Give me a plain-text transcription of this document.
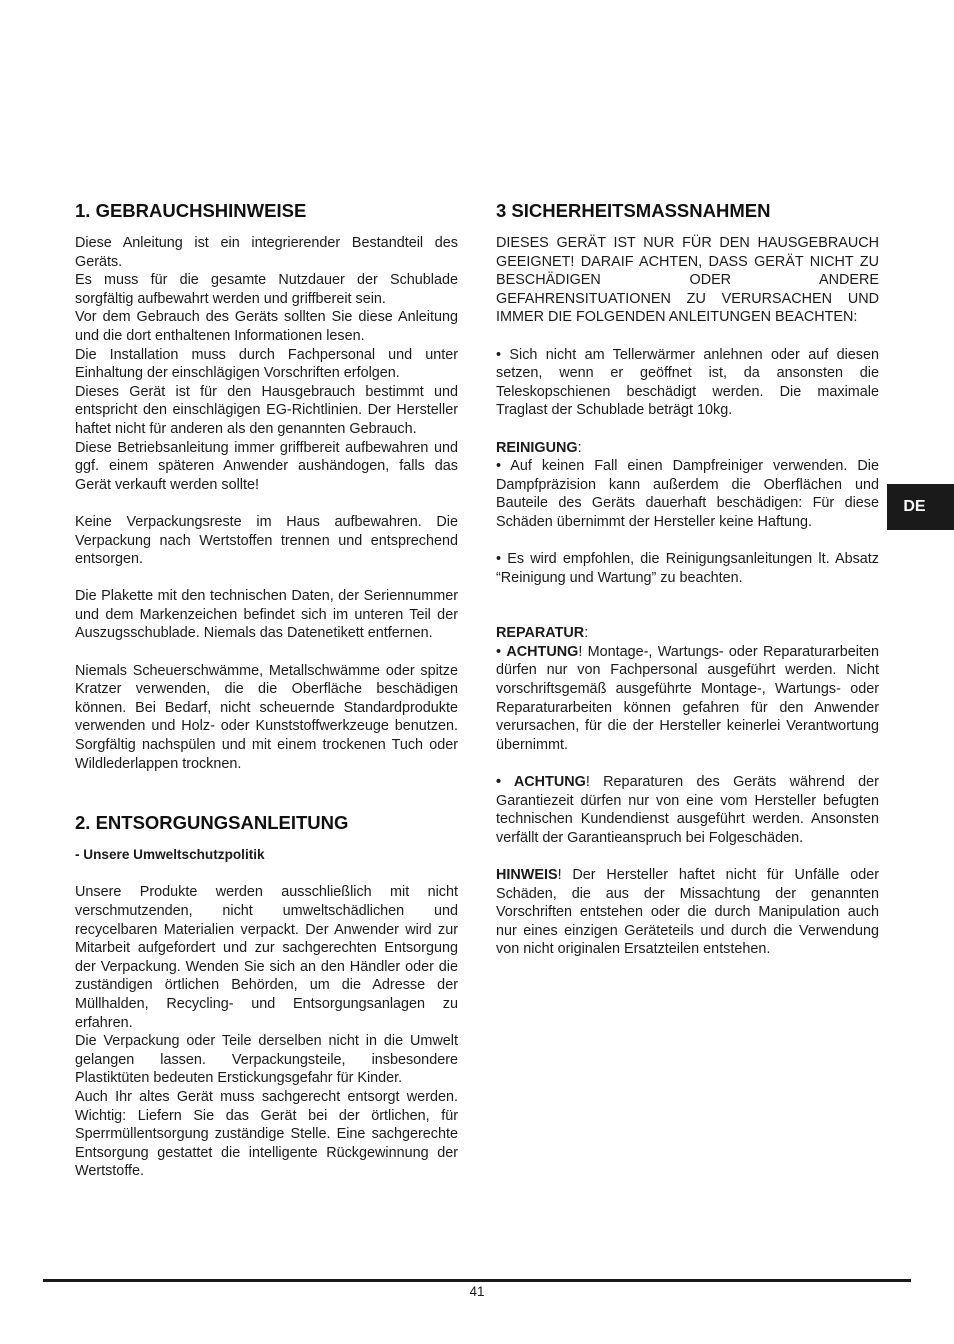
1. GEBRAUCHSHINWEISE

Diese Anleitung ist ein integrierender Bestandteil des Geräts.

Es muss für die gesamte Nutzdauer der Schublade sorgfältig aufbewahrt werden und griffbereit sein.

Vor dem Gebrauch des Geräts sollten Sie diese Anleitung und die dort enthaltenen Informationen lesen.

Die Installation muss durch Fachpersonal und unter Einhaltung der einschlägigen Vorschriften erfolgen.

Dieses Gerät ist für den Hausgebrauch bestimmt und entspricht den einschlägigen EG-Richtlinien. Der Hersteller haftet nicht für anderen als den genannten Gebrauch.

Diese Betriebsanleitung immer griffbereit aufbewahren und ggf. einem späteren Anwender aushändogen, falls das Gerät verkauft werden sollte!

Keine Verpackungsreste im Haus aufbewahren. Die Verpackung nach Wertstoffen trennen und entsprechend entsorgen.

Die Plakette mit den technischen Daten, der Seriennummer und dem Markenzeichen befindet sich im unteren Teil der Auszugsschublade. Niemals das Datenetikett entfernen.

Niemals Scheuerschwämme, Metallschwämme oder spitze Kratzer verwenden, die die Oberfläche beschädigen können. Bei Bedarf, nicht scheuernde Standardprodukte verwenden und Holz- oder Kunststoffwerkzeuge benutzen. Sorgfältig nachspülen und mit einem trockenen Tuch oder Wildlederlappen trocknen.

2. ENTSORGUNGSANLEITUNG

- Unsere Umweltschutzpolitik

Unsere Produkte werden ausschließlich mit nicht verschmutzenden, nicht umweltschädlichen und recycelbaren Materialien verpackt. Der Anwender wird zur Mitarbeit aufgefordert und zur sachgerechten Entsorgung der Verpackung. Wenden Sie sich an den Händler oder die zuständigen örtlichen Behörden, um die Adresse der Müllhalden, Recycling- und Entsorgungsanlagen zu erfahren.

Die Verpackung oder Teile derselben nicht in die Umwelt gelangen lassen. Verpackungsteile, insbesondere Plastiktüten bedeuten Erstickungsgefahr für Kinder.

Auch Ihr altes Gerät muss sachgerecht entsorgt werden. Wichtig: Liefern Sie das Gerät bei der örtlichen, für Sperrmüllentsorgung zuständige Stelle. Eine sachgerechte Entsorgung gestattet die intelligente Rückgewinnung der Wertstoffe.

3 SICHERHEITSMASSNAHMEN

DIESES GERÄT IST NUR FÜR DEN HAUSGEBRAUCH GEEIGNET! DARAIF ACHTEN, DASS GERÄT NICHT ZU BESCHÄDIGEN ODER ANDERE GEFAHRENSITUATIONEN ZU VERURSACHEN UND IMMER DIE FOLGENDEN ANLEITUNGEN BEACHTEN:

• Sich nicht am Tellerwärmer anlehnen oder auf diesen setzen, wenn er geöffnet ist, da ansonsten die Teleskopschienen beschädigt werden. Die maximale Traglast der Schublade beträgt 10kg.

REINIGUNG:

• Auf keinen Fall einen Dampfreiniger verwenden. Die Dampfpräzision kann außerdem die Oberflächen und Bauteile des Geräts dauerhaft beschädigen: Für diese Schäden übernimmt der Hersteller keine Haftung.

• Es wird empfohlen, die Reinigungsanleitungen lt. Absatz “Reinigung und Wartung” zu beachten.

REPARATUR:

• ACHTUNG! Montage-, Wartungs- oder Reparaturarbeiten dürfen nur von Fachpersonal ausgeführt werden. Nicht vorschriftsgemäß ausgeführte Montage-, Wartungs- oder Reparaturarbeiten können gefahren für den Anwender verursachen, für die der Hersteller keinerlei Verantwortung übernimmt.

• ACHTUNG! Reparaturen des Geräts während der Garantiezeit dürfen nur von eine vom Hersteller befugten technischen Kundendienst ausgeführt werden. Ansonsten verfällt der Garantieanspruch bei Folgeschäden.

HINWEIS! Der Hersteller haftet nicht für Unfälle oder Schäden, die aus der Missachtung der genannten Vorschriften entstehen oder die durch Manipulation auch nur eines einzigen Geräteteils und durch die Verwendung von nicht originalen Ersatzteilen entstehen.

DE
41
